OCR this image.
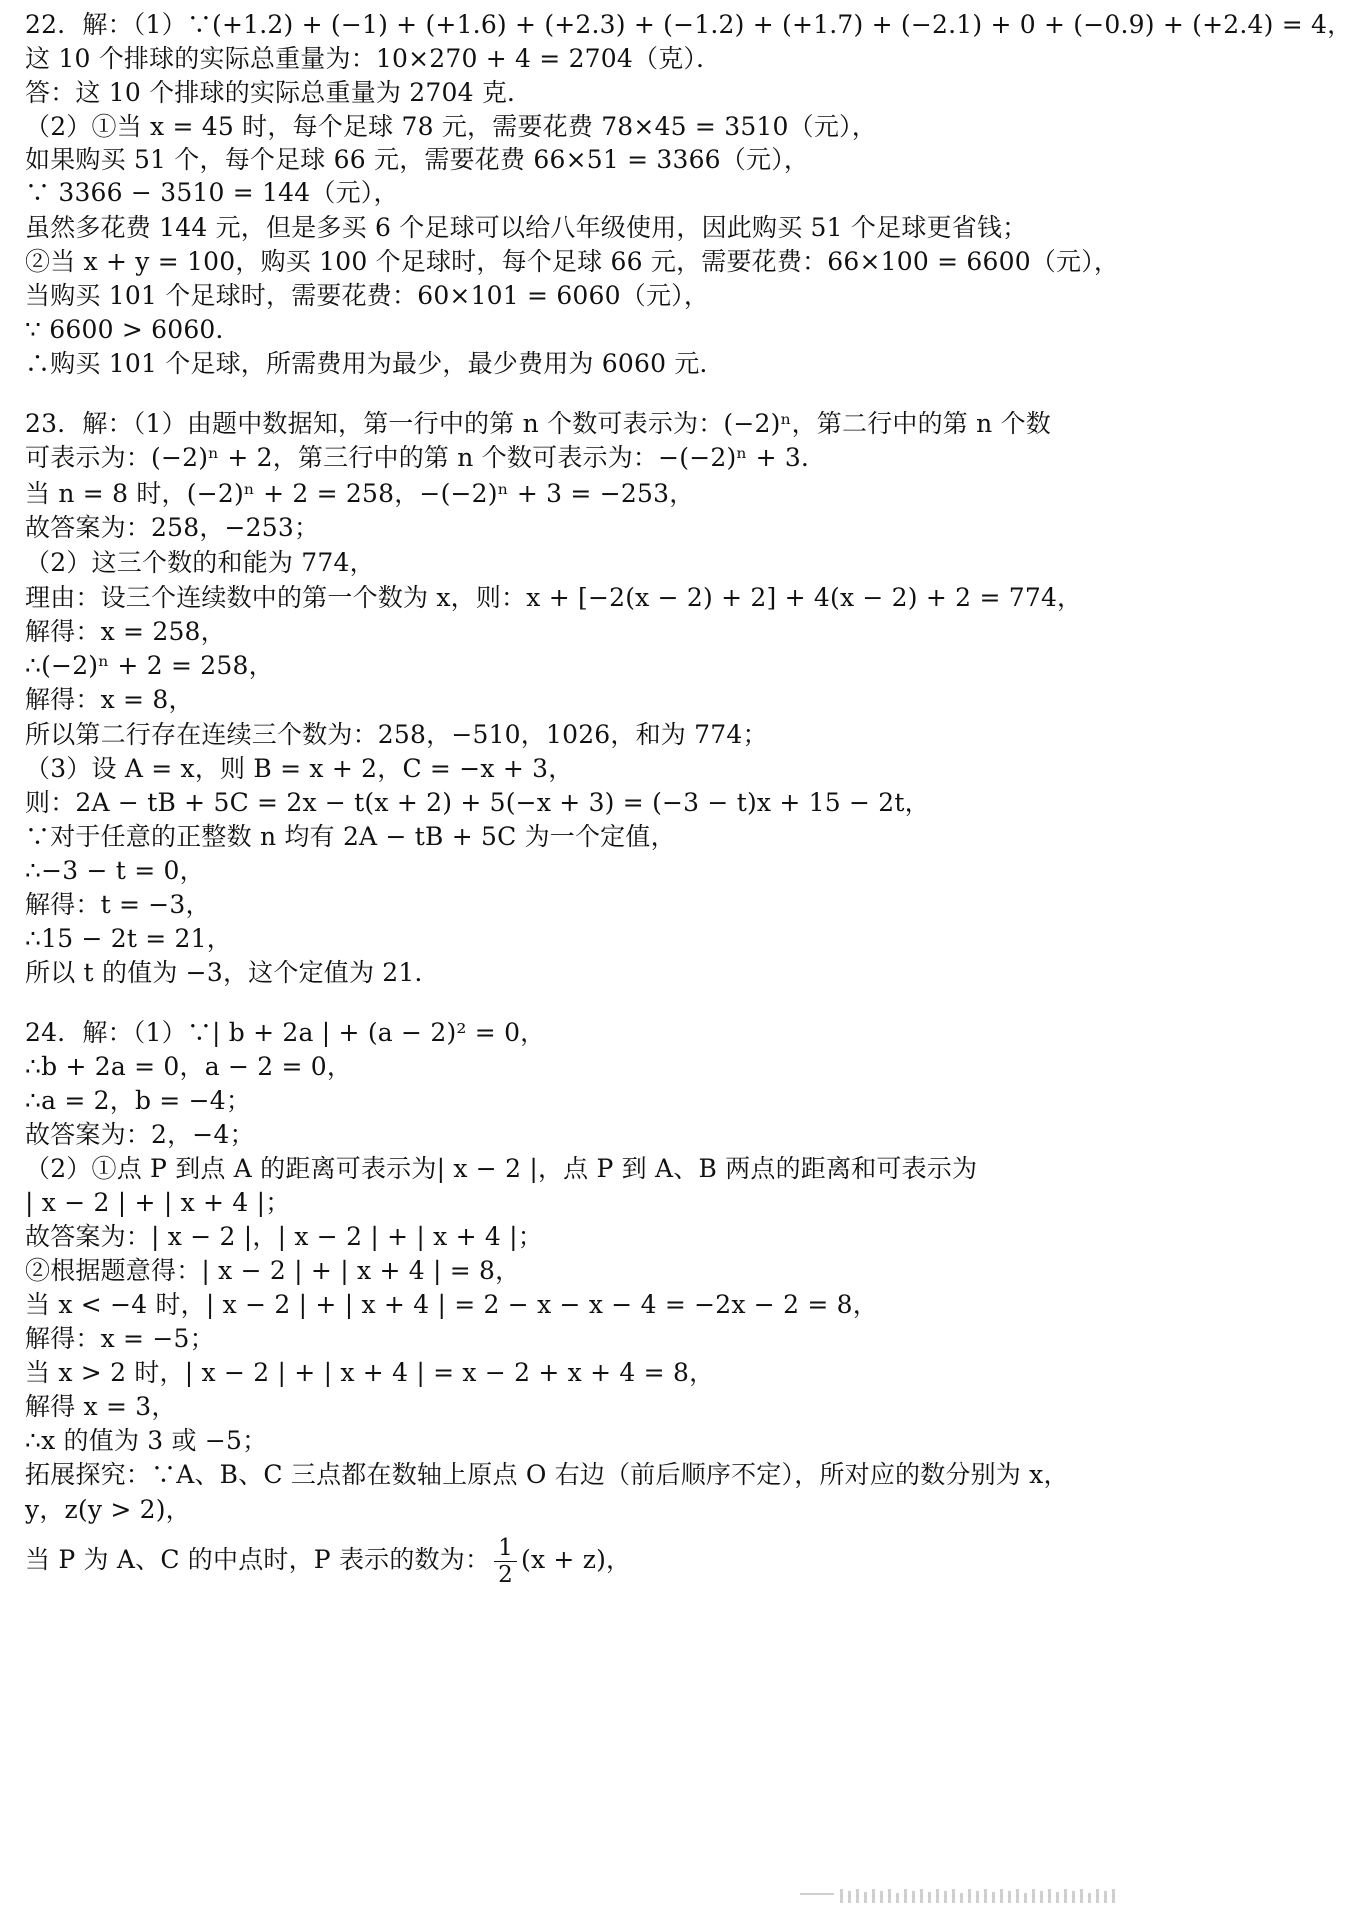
22．解：（1）∵(+1.2) + (−1) + (+1.6) + (+2.3) + (−1.2) + (+1.7) + (−2.1) + 0 + (−0.9) + (+2.4) = 4，
这 10 个排球的实际总重量为：10×270 + 4 = 2704（克）．
答：这 10 个排球的实际总重量为 2704 克．
（2）①当 x = 45 时，每个足球 78 元，需要花费 78×45 = 3510（元），
如果购买 51 个，每个足球 66 元，需要花费 66×51 = 3366（元），
∵ 3366 − 3510 = 144（元），
虽然多花费 144 元，但是多买 6 个足球可以给八年级使用，因此购买 51 个足球更省钱；
②当 x + y = 100，购买 100 个足球时，每个足球 66 元，需要花费：66×100 = 6600（元），
当购买 101 个足球时，需要花费：60×101 = 6060（元），
∵ 6600 > 6060．
∴购买 101 个足球，所需费用为最少，最少费用为 6060 元．
23．解：（1）由题中数据知，第一行中的第 n 个数可表示为：(−2)ⁿ，第二行中的第 n 个数
可表示为：(−2)ⁿ + 2，第三行中的第 n 个数可表示为：−(−2)ⁿ + 3．
当 n = 8 时，(−2)ⁿ + 2 = 258，−(−2)ⁿ + 3 = −253，
故答案为：258，−253；
（2）这三个数的和能为 774，
理由：设三个连续数中的第一个数为 x，则：x + [−2(x − 2) + 2] + 4(x − 2) + 2 = 774，
解得：x = 258，
∴(−2)ⁿ + 2 = 258，
解得：x = 8，
所以第二行存在连续三个数为：258，−510，1026，和为 774；
（3）设 A = x，则 B = x + 2，C = −x + 3，
则：2A − tB + 5C = 2x − t(x + 2) + 5(−x + 3) = (−3 − t)x + 15 − 2t，
∵对于任意的正整数 n 均有 2A − tB + 5C 为一个定值，
∴−3 − t = 0，
解得：t = −3，
∴15 − 2t = 21，
所以 t 的值为 −3，这个定值为 21．
24．解：（1）∵| b + 2a | + (a − 2)² = 0，
∴b + 2a = 0，a − 2 = 0，
∴a = 2，b = −4；
故答案为：2，−4；
（2）①点 P 到点 A 的距离可表示为| x − 2 |，点 P 到 A、B 两点的距离和可表示为
| x − 2 | + | x + 4 |；
故答案为：| x − 2 |，| x − 2 | + | x + 4 |；
②根据题意得：| x − 2 | + | x + 4 | = 8，
当 x < −4 时，| x − 2 | + | x + 4 | = 2 − x − x − 4 = −2x − 2 = 8，
解得：x = −5；
当 x > 2 时，| x − 2 | + | x + 4 | = x − 2 + x + 4 = 8，
解得 x = 3，
∴x 的值为 3 或 −5；
拓展探究：∵A、B、C 三点都在数轴上原点 O 右边（前后顺序不定），所对应的数分别为 x，
y，z(y > 2)，
当 P 为 A、C 的中点时，P 表示的数为： $\frac{1}{2} (x + z)$，
